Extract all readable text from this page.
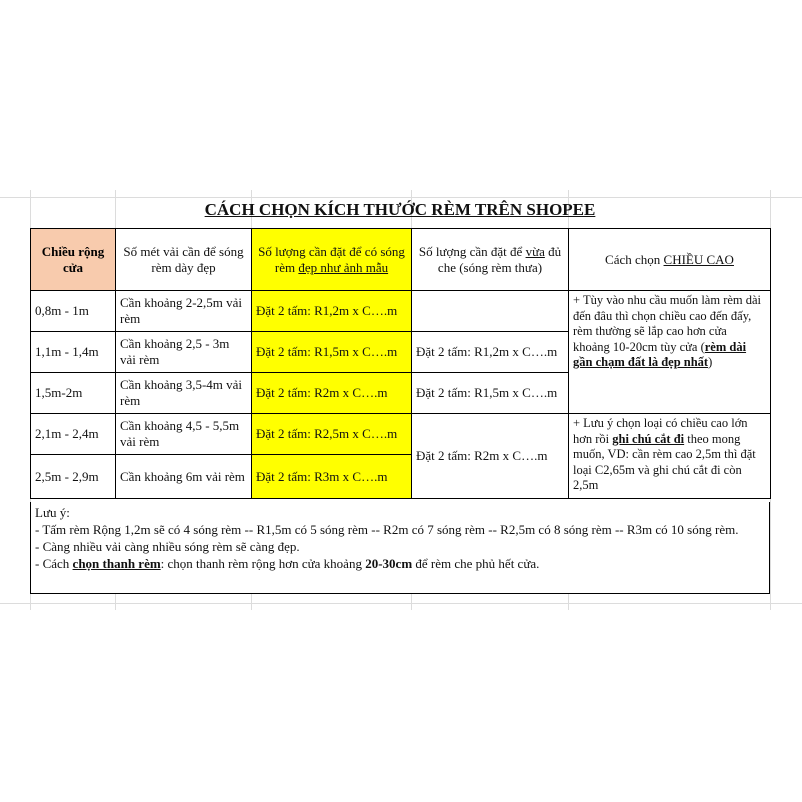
CÁCH CHỌN KÍCH THƯỚC RÈM TRÊN SHOPEE
Chiều rộng cửa	Số mét vải cần để sóng rèm dày đẹp	Số lượng cần đặt để có sóng rèm đẹp như ảnh mẫu	Số lượng cần đặt để vừa đủ che (sóng rèm thưa)	Cách chọn CHIỀU CAO
0,8m - 1m	Cần khoảng 2-2,5m vải rèm	Đặt 2 tấm: R1,2m x C….m		+ Tùy vào nhu cầu muốn làm rèm dài đến đâu thì chọn chiều cao đến đấy, rèm thường sẽ lắp cao hơn cửa khoảng 10-20cm tùy cửa (rèm dài gần chạm đất là đẹp nhất)
1,1m - 1,4m	Cần khoảng 2,5 - 3m vải rèm	Đặt 2 tấm: R1,5m x C….m	Đặt 2 tấm: R1,2m x C….m	
1,5m-2m	Cần khoảng 3,5-4m vải rèm	Đặt 2 tấm: R2m x C….m	Đặt 2 tấm: R1,5m x C….m	
2,1m - 2,4m	Cần khoảng 4,5 - 5,5m vải rèm	Đặt 2 tấm: R2,5m x C….m	Đặt 2 tấm: R2m x C….m	+ Lưu ý chọn loại có chiều cao lớn hơn rồi ghi chú cắt đi theo mong muốn, VD: cần rèm cao 2,5m thì đặt loại C2,65m và ghi chú cắt đi còn 2,5m
2,5m - 2,9m	Cần khoảng 6m vải rèm	Đặt 2 tấm: R3m x C….m		

Lưu ý:

- Tấm rèm Rộng 1,2m sẽ có 4 sóng rèm -- R1,5m có 5 sóng rèm -- R2m có 7 sóng rèm -- R2,5m có 8 sóng rèm -- R3m có 10 sóng rèm.

- Càng nhiều vải càng nhiều sóng rèm sẽ càng đẹp.

- Cách chọn thanh rèm: chọn thanh rèm rộng hơn cửa khoảng 20-30cm để rèm che phủ hết cửa.
